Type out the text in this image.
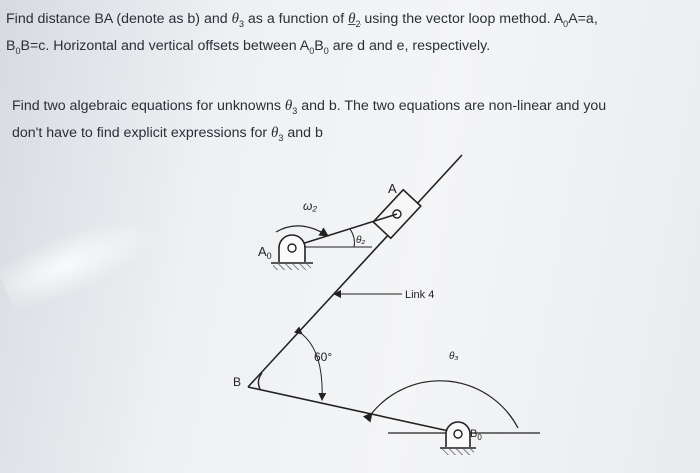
Find distance BA (denote as b) and $\theta_3$ as a function of $\theta_2$ using the vector loop method. $A_0A=a$,
$B_0B=c$. Horizontal and vertical offsets between $A_0B_0$ are d and e, respectively.

Find two algebraic equations for unknowns $\theta_3$ and b. The two equations are non-linear and you
don't have to find explicit expressions for $\theta_3$ and b

A
ω₂
θ₂
$A_0$
Link 4
θ₃
60°
B
$B_0$
